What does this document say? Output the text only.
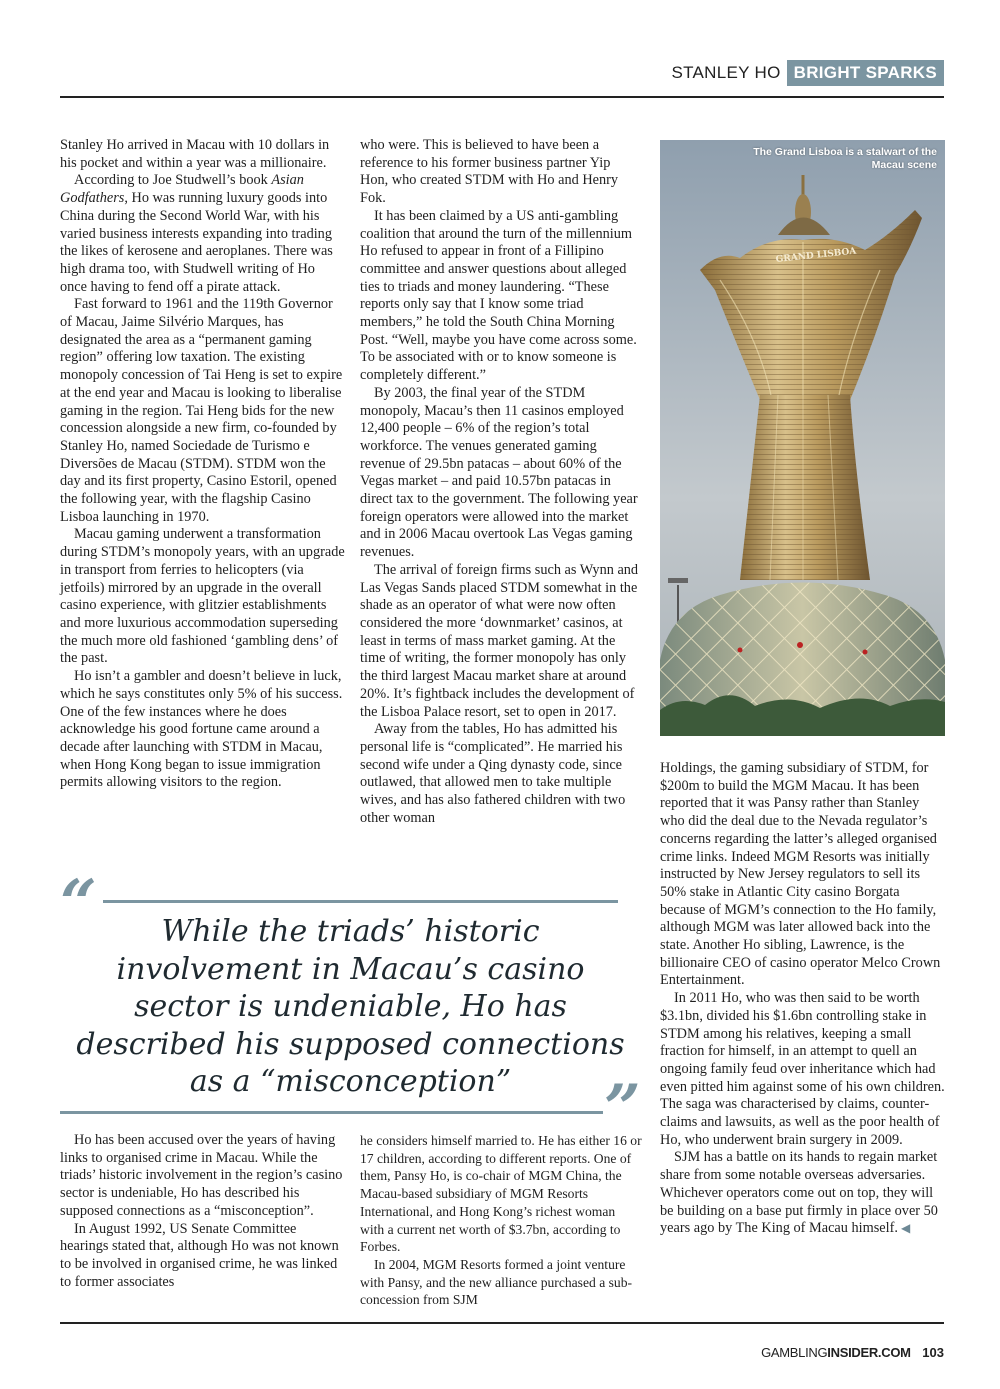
STANLEY HO BRIGHT SPARKS

Stanley Ho arrived in Macau with 10 dollars in his pocket and within a year was a millionaire.

According to Joe Studwell’s book Asian Godfathers, Ho was running luxury goods into China during the Second World War, with his varied business interests expanding into trading the likes of kerosene and aeroplanes. There was high drama too, with Studwell writing of Ho once having to fend off a pirate attack.

Fast forward to 1961 and the 119th Governor of Macau, Jaime Silvério Marques, has designated the area as a “permanent gaming region” offering low taxation. The existing monopoly concession of Tai Heng is set to expire at the end year and Macau is looking to liberalise gaming in the region. Tai Heng bids for the new concession alongside a new firm, co-founded by Stanley Ho, named Sociedade de Turismo e Diversões de Macau (STDM). STDM won the day and its first property, Casino Estoril, opened the following year, with the flagship Casino Lisboa launching in 1970.

Macau gaming underwent a transformation during STDM’s monopoly years, with an upgrade in transport from ferries to helicopters (via jetfoils) mirrored by an upgrade in the overall casino experience, with glitzier establishments and more luxurious accommodation superseding the much more old fashioned ‘gambling dens’ of the past.

Ho isn’t a gambler and doesn’t believe in luck, which he says constitutes only 5% of his success. One of the few instances where he does acknowledge his good fortune came around a decade after launching with STDM in Macau, when Hong Kong began to issue immigration permits allowing visitors to the region.

who were. This is believed to have been a reference to his former business partner Yip Hon, who created STDM with Ho and Henry Fok.

It has been claimed by a US anti-gambling coalition that around the turn of the millennium Ho refused to appear in front of a Fillipino committee and answer questions about alleged ties to triads and money laundering. “These reports only say that I know some triad members,” he told the South China Morning Post. “Well, maybe you have come across some. To be associated with or to know someone is completely different.”

By 2003, the final year of the STDM monopoly, Macau’s then 11 casinos employed 12,400 people – 6% of the region’s total workforce. The venues generated gaming revenue of 29.5bn patacas – about 60% of the Vegas market – and paid 10.57bn patacas in direct tax to the government. The following year foreign operators were allowed into the market and in 2006 Macau overtook Las Vegas gaming revenues.

The arrival of foreign firms such as Wynn and Las Vegas Sands placed STDM somewhat in the shade as an operator of what were now often considered the more ‘downmarket’ casinos, at least in terms of mass market gaming. At the time of writing, the former monopoly has only the third largest Macau market share at around 20%. It’s fightback includes the development of the Lisboa Palace resort, set to open in 2017.

Away from the tables, Ho has admitted his personal life is “complicated”. He married his second wife under a Qing dynasty code, since outlawed, that allowed men to take multiple wives, and has also fathered children with two other woman

GRAND LISBOA
The Grand Lisboa is a stalwart of the Macau scene
“	While the triads’ historic involvement in Macau’s casino sector is undeniable, Ho has described his supposed connections as a “misconception”	”

Ho has been accused over the years of having links to organised crime in Macau. While the triads’ historic involvement in the region’s casino sector is undeniable, Ho has described his supposed connections as a “misconception”.

In August 1992, US Senate Committee hearings stated that, although Ho was not known to be involved in organised crime, he was linked to former associates

he considers himself married to. He has either 16 or 17 children, according to different reports. One of them, Pansy Ho, is co-chair of MGM China, the Macau-based subsidiary of MGM Resorts International, and Hong Kong’s richest woman with a current net worth of $3.7bn, according to Forbes.

In 2004, MGM Resorts formed a joint venture with Pansy, and the new alliance purchased a sub-concession from SJM

Holdings, the gaming subsidiary of STDM, for $200m to build the MGM Macau. It has been reported that it was Pansy rather than Stanley who did the deal due to the Nevada regulator’s concerns regarding the latter’s alleged organised crime links. Indeed MGM Resorts was initially instructed by New Jersey regulators to sell its 50% stake in Atlantic City casino Borgata because of MGM’s connection to the Ho family, although MGM was later allowed back into the state. Another Ho sibling, Lawrence, is the billionaire CEO of casino operator Melco Crown Entertainment.

In 2011 Ho, who was then said to be worth $3.1bn, divided his $1.6bn controlling stake in STDM among his relatives, keeping a small fraction for himself, in an attempt to quell an ongoing family feud over inheritance which had even pitted him against some of his own children. The saga was characterised by claims, counter-claims and lawsuits, as well as the poor health of Ho, who underwent brain surgery in 2009.

SJM has a battle on its hands to regain market share from some notable overseas adversaries. Whichever operators come out on top, they will be building on a base put firmly in place over 50 years ago by The King of Macau himself. ◀

GAMBLINGINSIDER.COM 103
